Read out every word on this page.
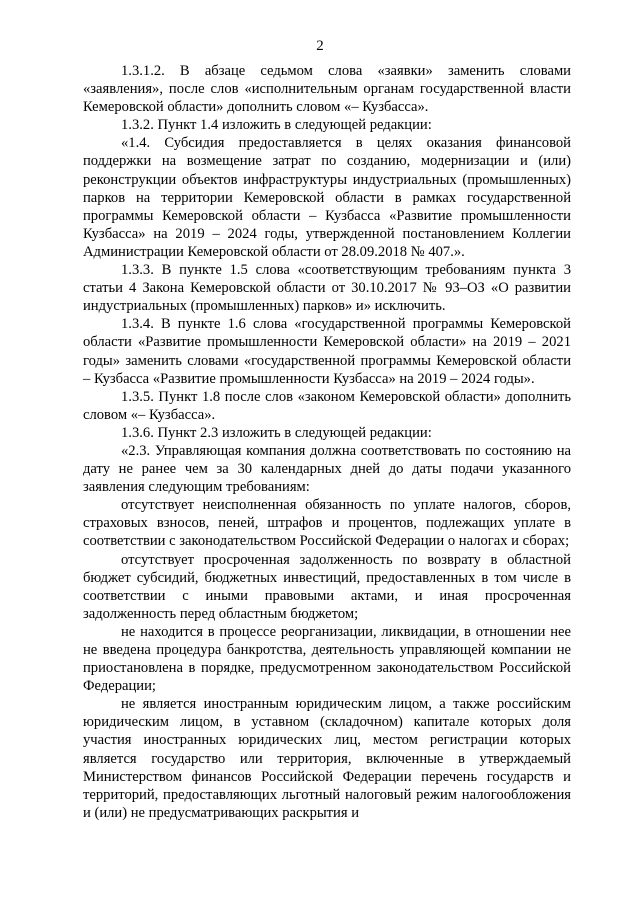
2

1.3.1.2. В абзаце седьмом слова «заявки» заменить словами «заявления», после слов «исполнительным органам государственной власти Кемеровской области» дополнить словом «– Кузбасса».

1.3.2. Пункт 1.4 изложить в следующей редакции:

«1.4. Субсидия предоставляется в целях оказания финансовой поддержки на возмещение затрат по созданию, модернизации и (или) реконструкции объектов инфраструктуры индустриальных (промышленных) парков на территории Кемеровской области в рамках государственной программы Кемеровской области – Кузбасса «Развитие промышленности Кузбасса» на 2019 – 2024 годы, утвержденной постановлением Коллегии Администрации Кемеровской области от 28.09.2018 № 407.».

1.3.3. В пункте 1.5 слова «соответствующим требованиям пункта 3 статьи 4 Закона Кемеровской области от 30.10.2017 № 93–ОЗ «О развитии индустриальных (промышленных) парков» и» исключить.

1.3.4. В пункте 1.6 слова «государственной программы Кемеровской области «Развитие промышленности Кемеровской области» на 2019 – 2021 годы» заменить словами «государственной программы Кемеровской области – Кузбасса «Развитие промышленности Кузбасса» на 2019 – 2024 годы».

1.3.5. Пункт 1.8 после слов «законом Кемеровской области» дополнить словом «– Кузбасса».

1.3.6. Пункт 2.3 изложить в следующей редакции:

«2.3. Управляющая компания должна соответствовать по состоянию на дату не ранее чем за 30 календарных дней до даты подачи указанного заявления следующим требованиям:

отсутствует неисполненная обязанность по уплате налогов, сборов, страховых взносов, пеней, штрафов и процентов, подлежащих уплате в соответствии с законодательством Российской Федерации о налогах и сборах;

отсутствует просроченная задолженность по возврату в областной бюджет субсидий, бюджетных инвестиций, предоставленных в том числе в соответствии с иными правовыми актами, и иная просроченная задолженность перед областным бюджетом;

не находится в процессе реорганизации, ликвидации, в отношении нее не введена процедура банкротства, деятельность управляющей компании не приостановлена в порядке, предусмотренном законодательством Российской Федерации;

не является иностранным юридическим лицом, а также российским юридическим лицом, в уставном (складочном) капитале которых доля участия иностранных юридических лиц, местом регистрации которых является государство или территория, включенные в утверждаемый Министерством финансов Российской Федерации перечень государств и территорий, предоставляющих льготный налоговый режим налогообложения и (или) не предусматривающих раскрытия и
